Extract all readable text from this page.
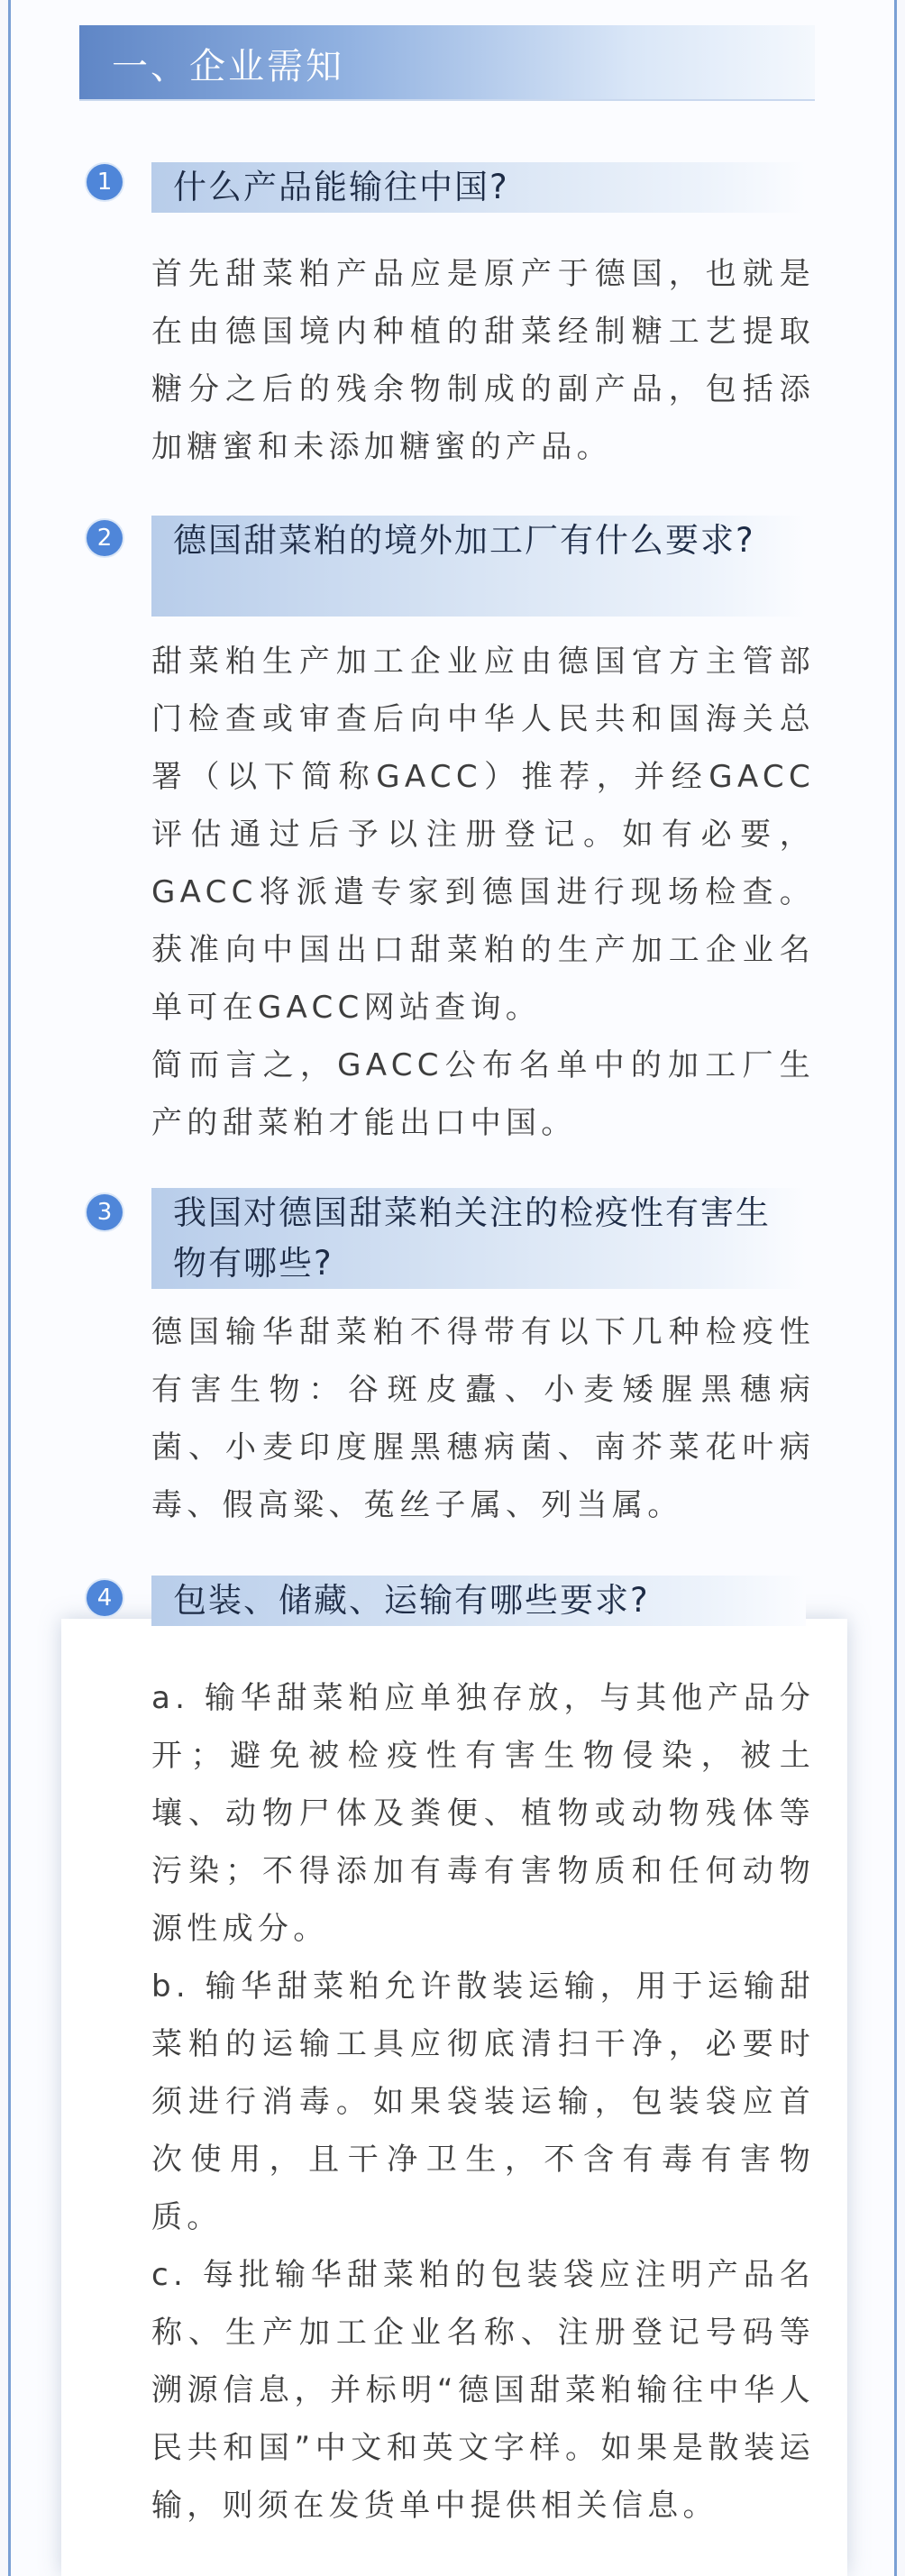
一、企业需知
1	什么产品能输往中国?

首先甜菜粕产品应是原产于德国，也就是在由德国境内种植的甜菜经制糖工艺提取糖分之后的残余物制成的副产品，包括添加糖蜜和未添加糖蜜的产品。

2	德国甜菜粕的境外加工厂有什么要求?

甜菜粕生产加工企业应由德国官方主管部门检查或审查后向中华人民共和国海关总署（以下简称GACC）推荐，并经GACC评估通过后予以注册登记。如有必要，GACC将派遣专家到德国进行现场检查。获准向中国出口甜菜粕的生产加工企业名单可在GACC网站查询。

简而言之，GACC公布名单中的加工厂生产的甜菜粕才能出口中国。

3	我国对德国甜菜粕关注的检疫性有害生物有哪些?

德国输华甜菜粕不得带有以下几种检疫性有害生物：谷斑皮蠹、小麦矮腥黑穗病菌、小麦印度腥黑穗病菌、南芥菜花叶病毒、假高粱、菟丝子属、列当属。

4	包装、储藏、运输有哪些要求?

a. 输华甜菜粕应单独存放，与其他产品分开；避免被检疫性有害生物侵染，被土壤、动物尸体及粪便、植物或动物残体等污染；不得添加有毒有害物质和任何动物源性成分。

b. 输华甜菜粕允许散装运输，用于运输甜菜粕的运输工具应彻底清扫干净，必要时须进行消毒。如果袋装运输，包装袋应首次使用，且干净卫生，不含有毒有害物质。

c. 每批输华甜菜粕的包装袋应注明产品名称、生产加工企业名称、注册登记号码等溯源信息，并标明“德国甜菜粕输往中华人民共和国”中文和英文字样。如果是散装运输，则须在发货单中提供相关信息。
